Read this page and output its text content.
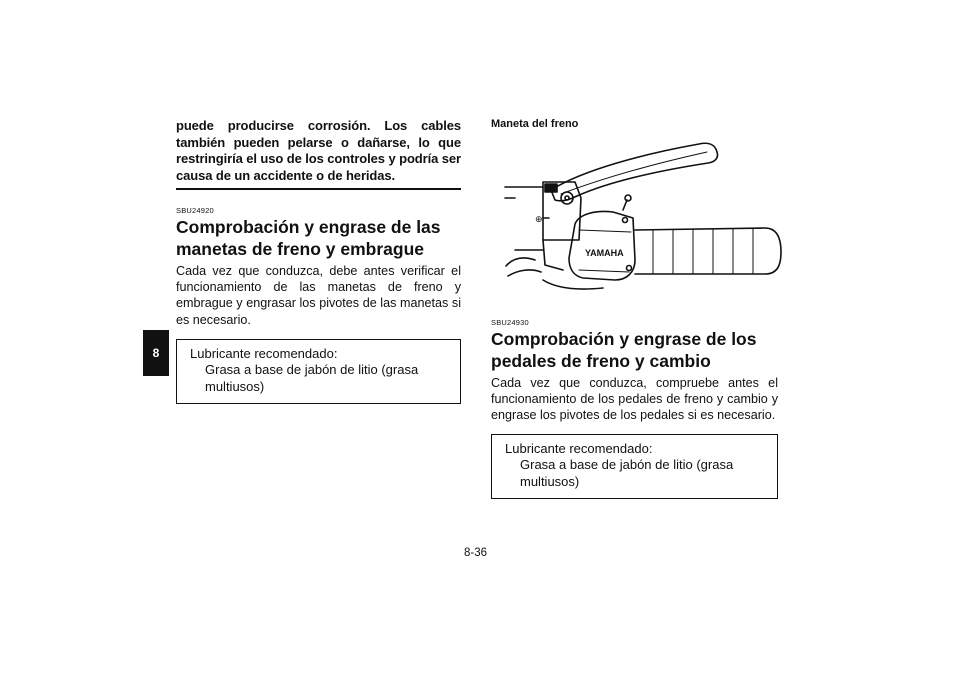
8
puede producirse corrosión. Los cables también pueden pelarse o dañarse, lo que restringiría el uso de los controles y podría ser causa de un accidente o de heridas.
SBU24920
Comprobación y engrase de las manetas de freno y embrague
Cada vez que conduzca, debe antes verificar el funcionamiento de las manetas de freno y embrague y engrasar los pivotes de las manetas si es necesario.
Lubricante recomendado:
Grasa a base de jabón de litio (grasa multiusos)
Maneta del freno
⊕
YAMAHA
SBU24930
Comprobación y engrase de los pedales de freno y cambio
Cada vez que conduzca, compruebe antes el funcionamiento de los pedales de freno y cambio y engrase los pivotes de los pedales si es necesario.
Lubricante recomendado:
Grasa a base de jabón de litio (grasa multiusos)
8-36
